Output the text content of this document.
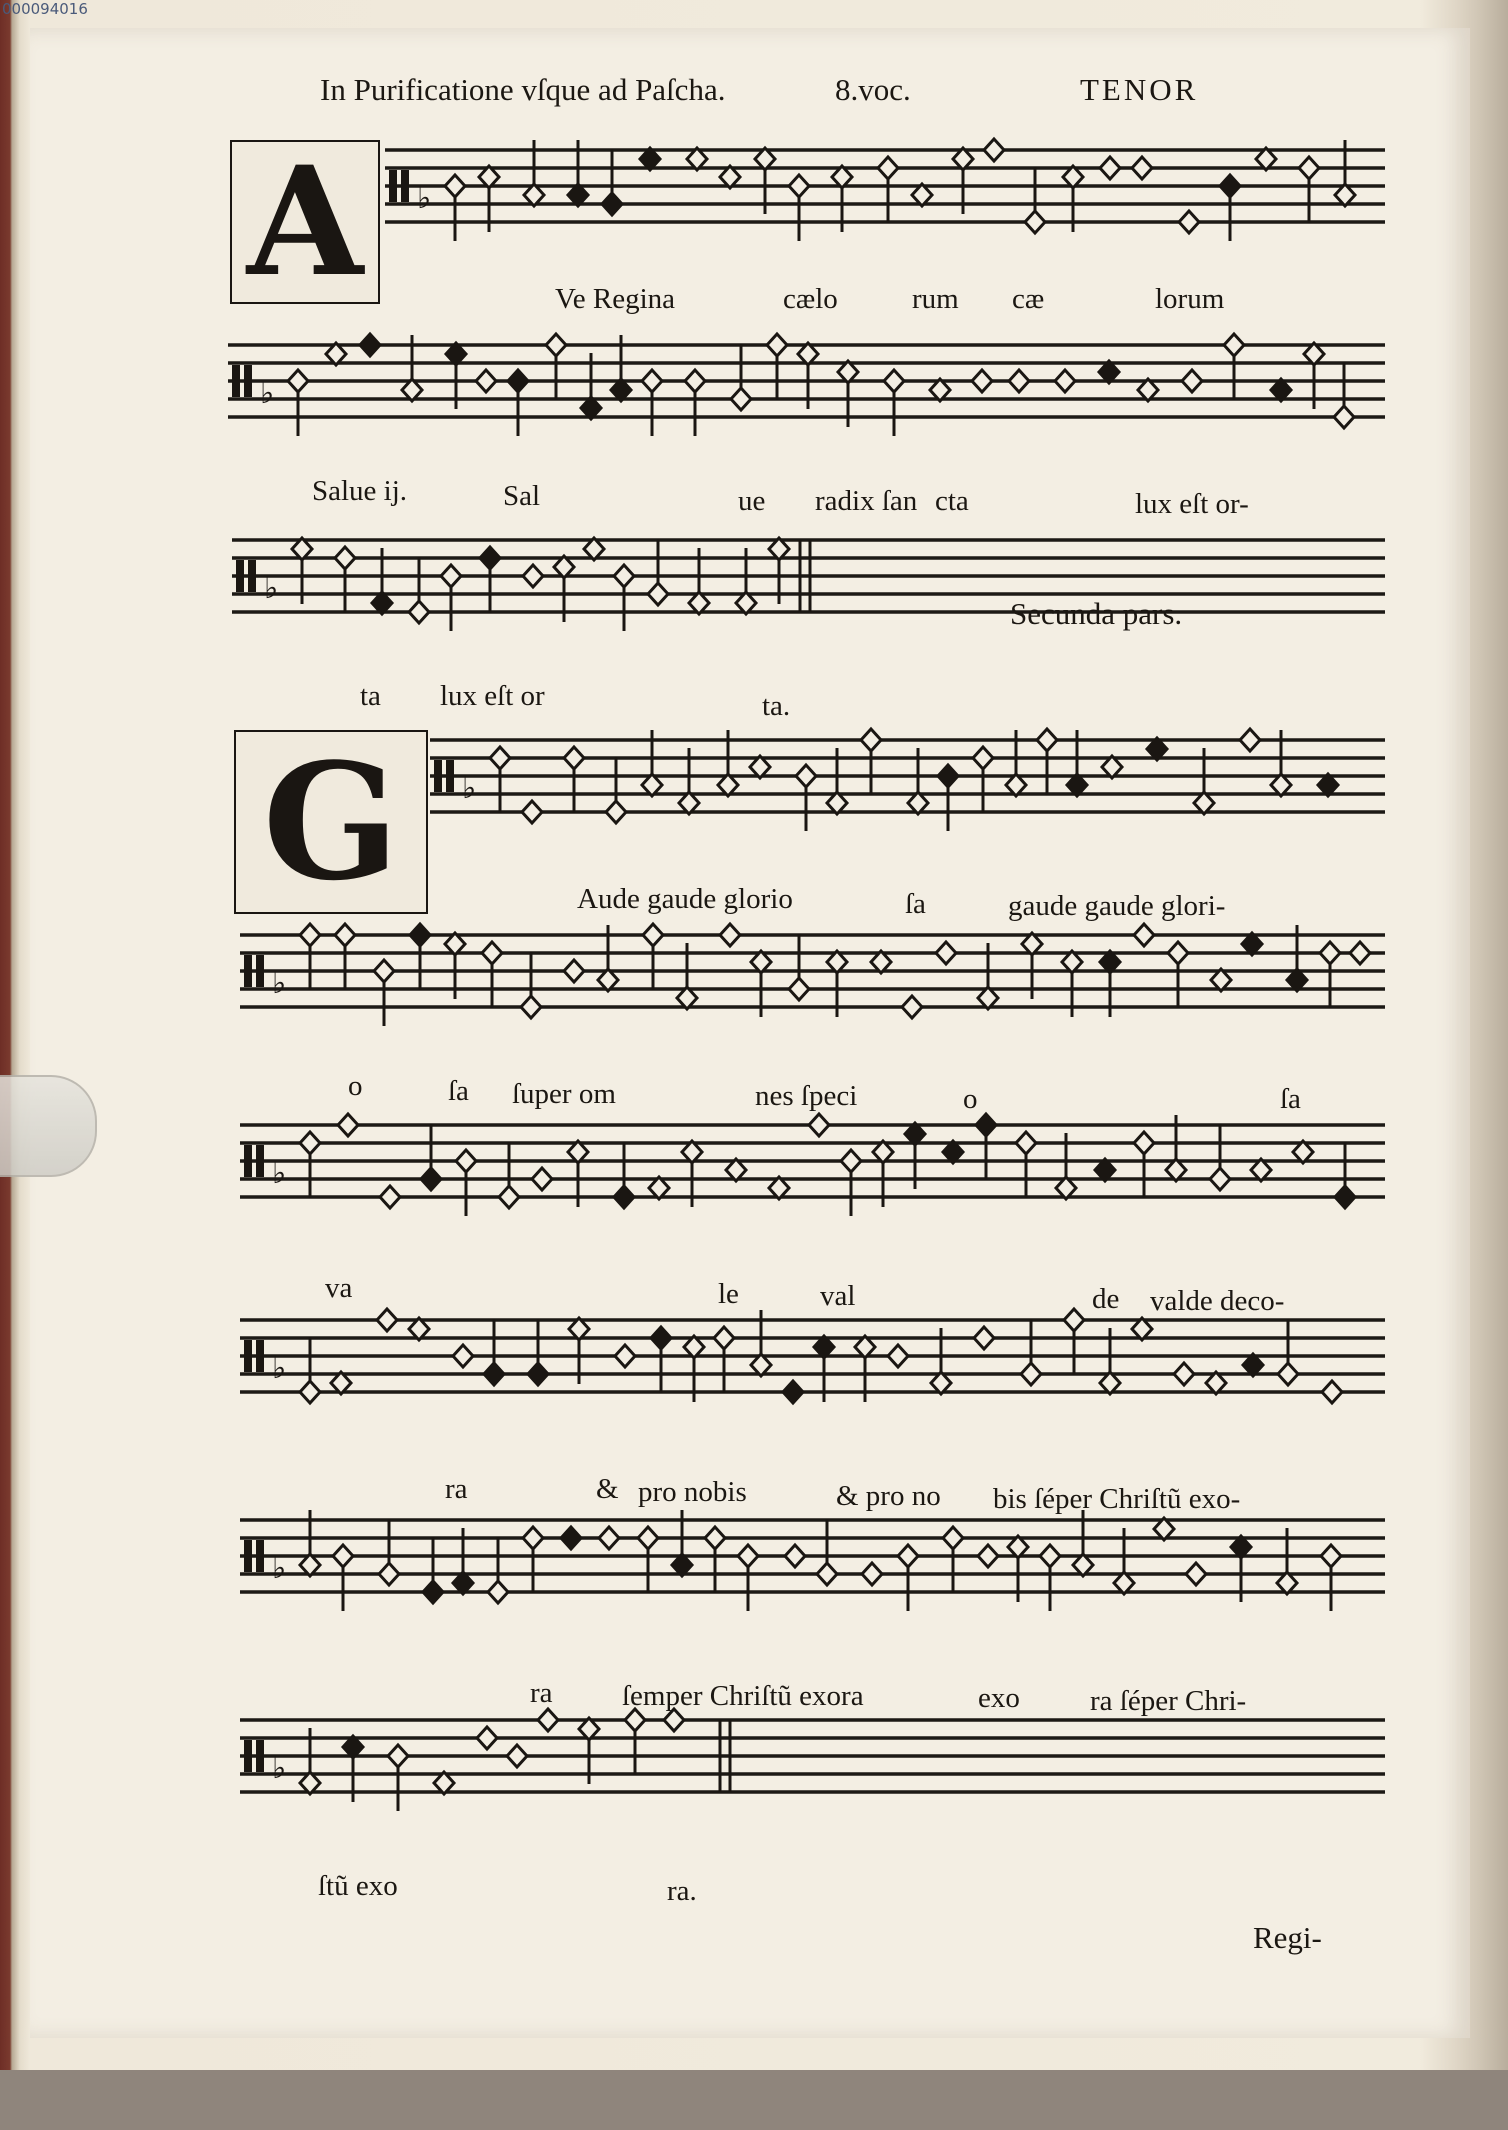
000094016
In Purificatione vſque ad Paſcha.	8.voc.	TENOR
♭
♭
♭
♭
♭
♭
♭
♭
♭
A
G
Secunda pars.
Ve Regina	cælo	rum cæ	lorum
Salue ij.	Sal	ue radix ſan cta	lux eſt or-
ta lux eſt or	ta.
Aude gaude glorio	ſa	gaude gaude glori-
o	ſa ſuper om	nes ſpeci	o	ſa
va	le	val	de valde deco-
ra	& pro nobis	& pro no bis ſéper Chriſtũ exo-
ra ſemper Chriſtũ exora	exo ra ſéper Chri-
ſtũ exo	ra.
Regi-
